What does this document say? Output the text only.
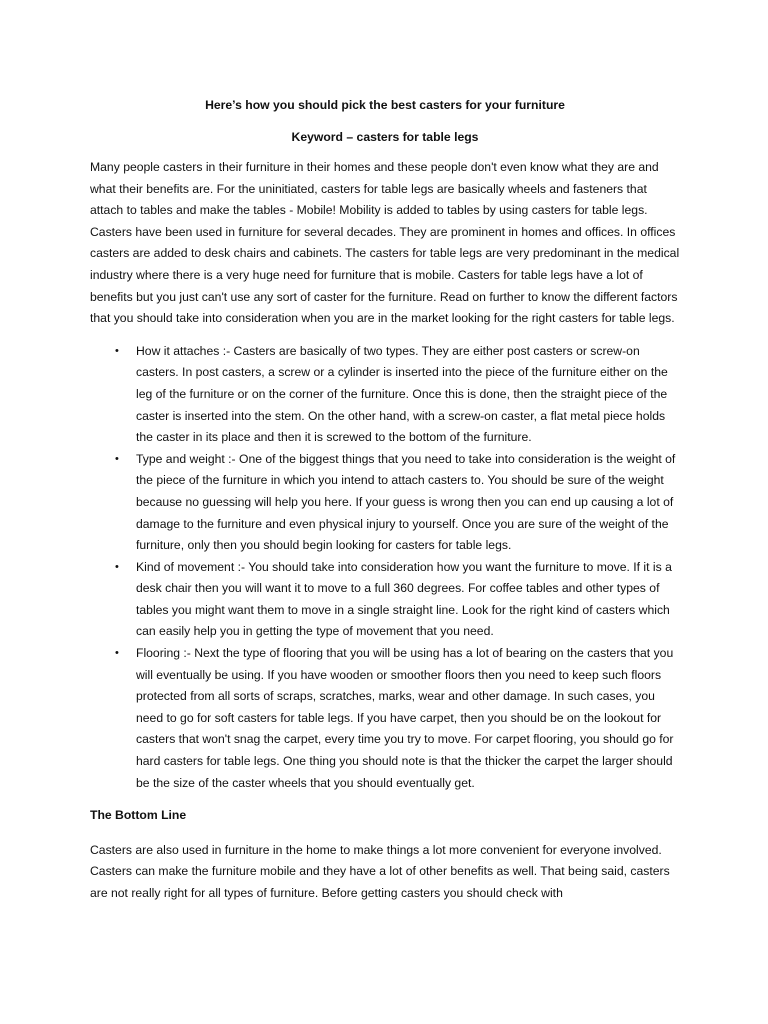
Here’s how you should pick the best casters for your furniture

Keyword – casters for table legs

Many people casters in their furniture in their homes and these people don't even know what they are and what their benefits are. For the uninitiated, casters for table legs are basically wheels and fasteners that attach to tables and make the tables - Mobile! Mobility is added to tables by using casters for table legs. Casters have been used in furniture for several decades. They are prominent in homes and offices. In offices casters are added to desk chairs and cabinets. The casters for table legs are very predominant in the medical industry where there is a very huge need for furniture that is mobile. Casters for table legs have a lot of benefits but you just can't use any sort of caster for the furniture. Read on further to know the different factors that you should take into consideration when you are in the market looking for the right casters for table legs.

• How it attaches :- Casters are basically of two types. They are either post casters or screw-on casters. In post casters, a screw or a cylinder is inserted into the piece of the furniture either on the leg of the furniture or on the corner of the furniture. Once this is done, then the straight piece of the caster is inserted into the stem. On the other hand, with a screw-on caster, a flat metal piece holds the caster in its place and then it is screwed to the bottom of the furniture.
• Type and weight :- One of the biggest things that you need to take into consideration is the weight of the piece of the furniture in which you intend to attach casters to. You should be sure of the weight because no guessing will help you here. If your guess is wrong then you can end up causing a lot of damage to the furniture and even physical injury to yourself. Once you are sure of the weight of the furniture, only then you should begin looking for casters for table legs.
• Kind of movement :- You should take into consideration how you want the furniture to move. If it is a desk chair then you will want it to move to a full 360 degrees. For coffee tables and other types of tables you might want them to move in a single straight line. Look for the right kind of casters which can easily help you in getting the type of movement that you need.
• Flooring :- Next the type of flooring that you will be using has a lot of bearing on the casters that you will eventually be using. If you have wooden or smoother floors then you need to keep such floors protected from all sorts of scraps, scratches, marks, wear and other damage. In such cases, you need to go for soft casters for table legs. If you have carpet, then you should be on the lookout for casters that won't snag the carpet, every time you try to move. For carpet flooring, you should go for hard casters for table legs. One thing you should note is that the thicker the carpet the larger should be the size of the caster wheels that you should eventually get.

The Bottom Line

Casters are also used in furniture in the home to make things a lot more convenient for everyone involved. Casters can make the furniture mobile and they have a lot of other benefits as well. That being said, casters are not really right for all types of furniture. Before getting casters you should check with
